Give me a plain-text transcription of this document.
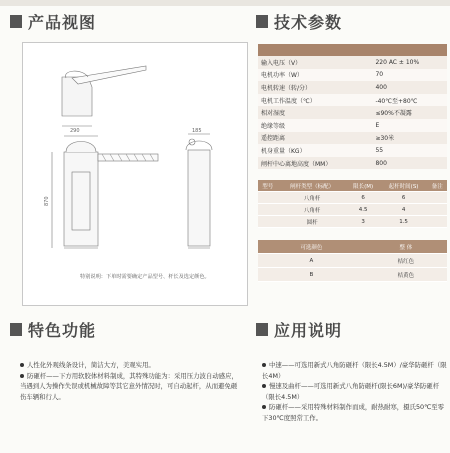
产品视图	技术参数
特色功能	应用说明
290	185
870
特别说明：下单时需要确定产品型号、杆长及选定颜色。

输入电压（V）	220 AC ± 10%
电机功率（W）	70
电机转速（转/分）	400
电机工作温度（℃）	-40℃至+80℃
相对湿度	≤90%不凝露
绝缘等级	E
遥控距离	≥30米
机身重量（KG）	55
闸杆中心离地高度（MM）	800
型号	闸杆类型（标配）	限长(M)	起杆时间(S)	备注
	八角杆	6	6	
	八角杆	4.5	4	
	圆杆	3	1.5	
可选颜色	整 体
A	桔红色
B	桔黄色
人性化外观线条设计，简洁大方，美观实用。
防砸杆——下方用软胶体材料制成，其特殊功能为：采用压力波自动感应，当遇到人为操作失误或机械故障等其它意外情况时，可自动起杆，从而避免砸伤车辆和行人。
中速——可选用新式八角防砸杆（限长4.5M）/豪华防砸杆（限长4M）
慢速及曲杆——可选用新式八角防砸杆(限长6M)/豪华防砸杆（限长4.5M）
防砸杆——采用特殊材料制作而成，耐热耐寒，摄氏50℃至零下30℃度照常工作。
